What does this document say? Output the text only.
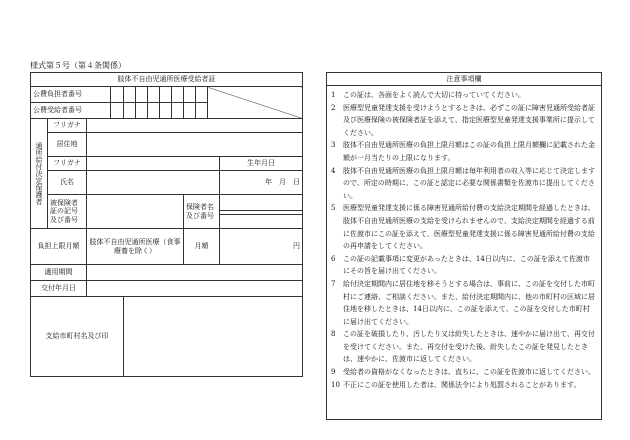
様式第５号（第４条関係）
肢体不自由児通所医療受給者証													
公費負担者番号													
公費受給者番号													
通所給付決定保護者	フリガナ												
	居住地												
	フリガナ											生年月日	
	氏名											年　月　日	
	被保険者証の記号及び番号								保険者名及び番号				

負担上限月額		肢体不自由児通所医療（食事療養を除く）							月額			円	
適用期間													
交付年月日													
支給市町村名及び印													
注意事項欄

1	この証は、各面をよく読んで大切に持っていてください。
2	医療型児童発達支援を受けようとするときは、必ずこの証に障害児通所受給者証及び医療保険の被保険者証を添えて、指定医療型児童発達支援事業所に提示してください。
3	肢体不自由児通所医療の負担上限月額はこの証の負担上限月額欄に記載された金額が一月当たりの上限になります。
4	肢体不自由児通所医療の負担上限月額は毎年利用者の収入等に応じて決定しますので、所定の時期に、この証と認定に必要な関係書類を佐渡市に提出してください。
5	医療型児童発達支援に係る障害児通所給付費の支給決定期間を経過したときは、肢体不自由児通所医療の支給を受けられませんので、支給決定期間を経過する前に佐渡市にこの証を添えて、医療型児童発達支援に係る障害児通所給付費の支給の再申請をしてください。
6	この証の記載事項に変更があったときは、14日以内に、この証を添えて佐渡市にその旨を届け出てください。
7	給付決定期間内に居住地を移そうとする場合は、事前に、この証を交付した市町村にご連絡、ご相談ください。また、給付決定期間内に、他の市町村の区域に居住地を移したときは、14日以内に、この証を添えて、この証を交付した市町村に届け出てください。
8	この証を破損したり、汚したり又は紛失したときは、速やかに届け出て、再交付を受けてください。また、再交付を受けた後、紛失したこの証を発見したときは、速やかに、佐渡市に返してください。
9	受給者の資格がなくなったときは、直ちに、この証を佐渡市に返してください。
10 不正にこの証を使用した者は、関係法令により処罰されることがあります。
